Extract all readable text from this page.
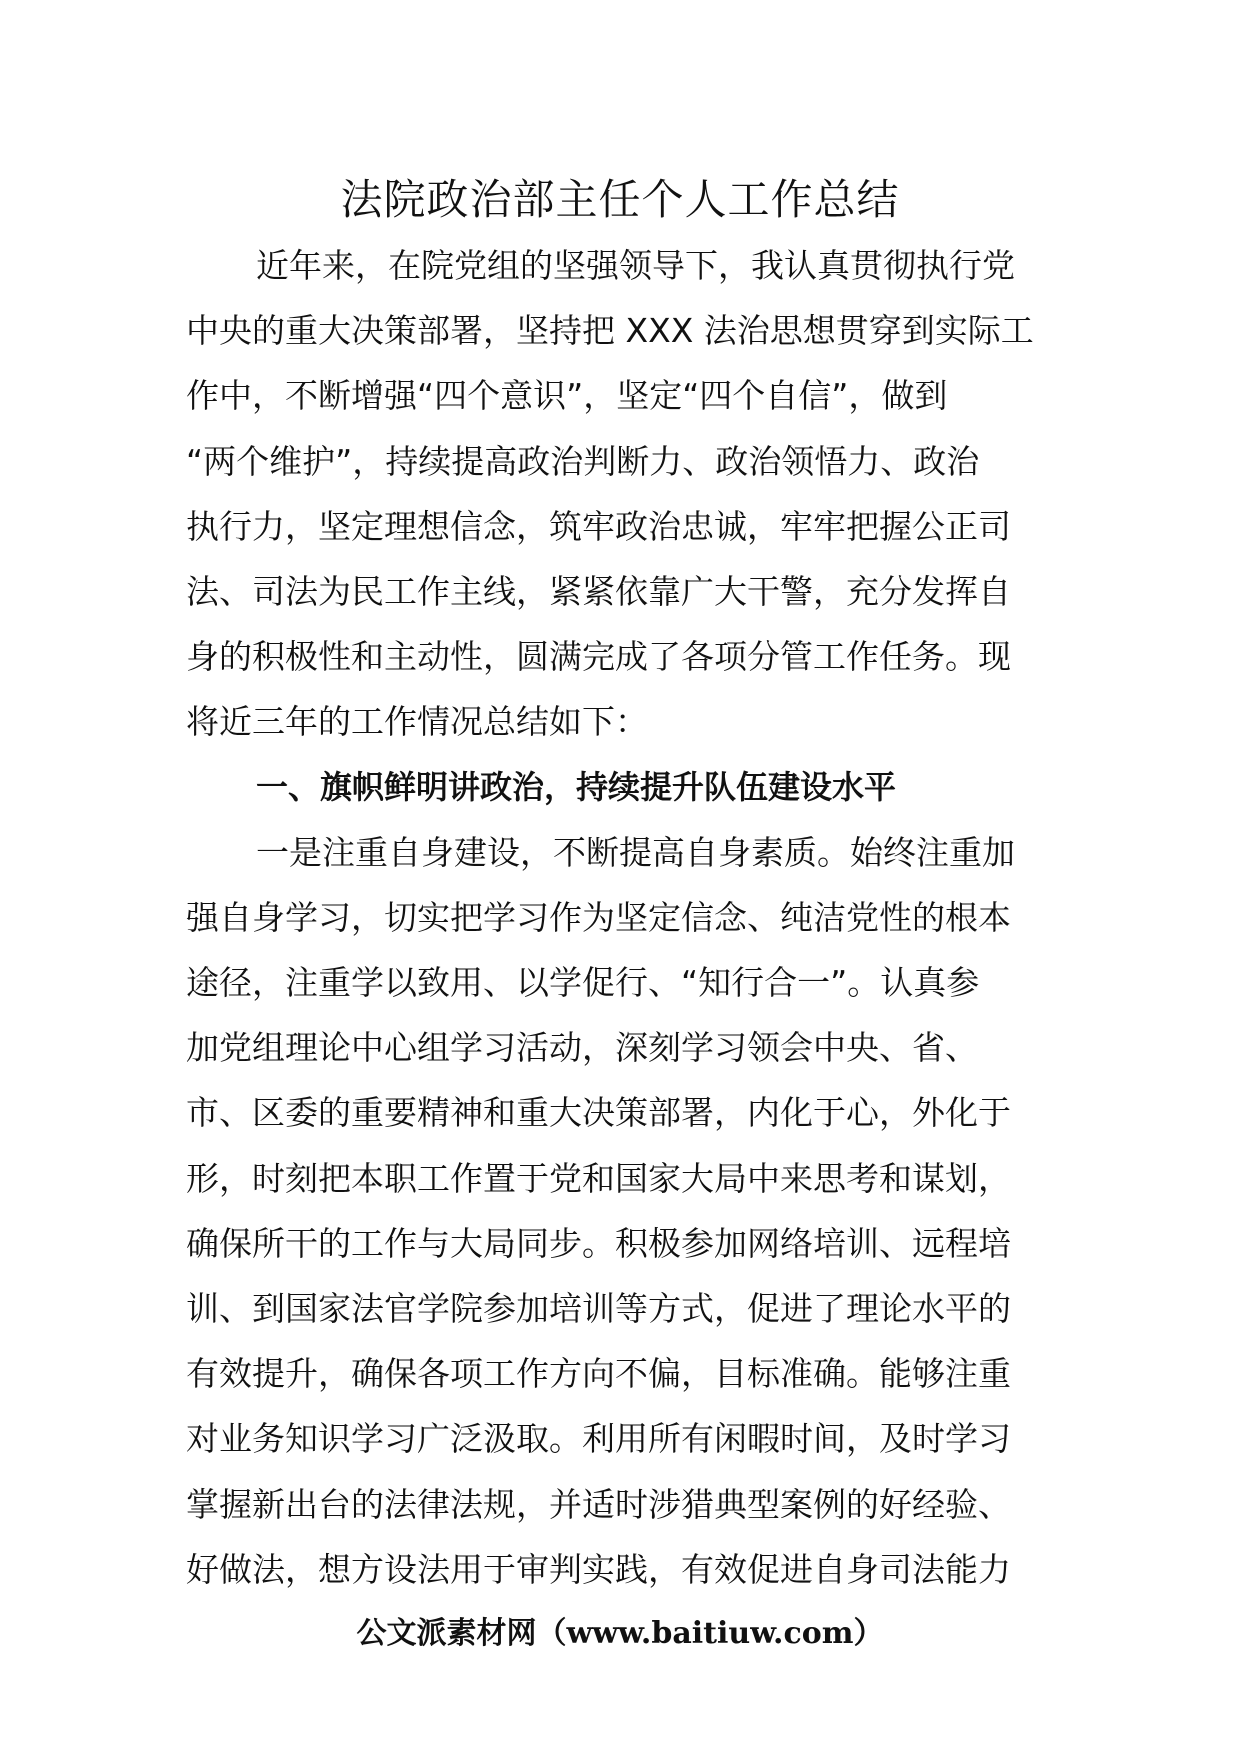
法院政治部主任个人工作总结
近年来，在院党组的坚强领导下，我认真贯彻执行党
中央的重大决策部署，坚持把 XXX 法治思想贯穿到实际工
作中，不断增强“四个意识”，坚定“四个自信”，做到
“两个维护”，持续提高政治判断力、政治领悟力、政治
执行力，坚定理想信念，筑牢政治忠诚，牢牢把握公正司
法、司法为民工作主线，紧紧依靠广大干警，充分发挥自
身的积极性和主动性，圆满完成了各项分管工作任务。现
将近三年的工作情况总结如下：
一、旗帜鲜明讲政治，持续提升队伍建设水平
一是注重自身建设，不断提高自身素质。始终注重加
强自身学习，切实把学习作为坚定信念、纯洁党性的根本
途径，注重学以致用、以学促行、“知行合一”。认真参
加党组理论中心组学习活动，深刻学习领会中央、省、
市、区委的重要精神和重大决策部署，内化于心，外化于
形，时刻把本职工作置于党和国家大局中来思考和谋划，
确保所干的工作与大局同步。积极参加网络培训、远程培
训、到国家法官学院参加培训等方式，促进了理论水平的
有效提升，确保各项工作方向不偏，目标准确。能够注重
对业务知识学习广泛汲取。利用所有闲暇时间，及时学习
掌握新出台的法律法规，并适时涉猎典型案例的好经验、
好做法，想方设法用于审判实践，有效促进自身司法能力
公文派素材网（www.baitiuw.com）
